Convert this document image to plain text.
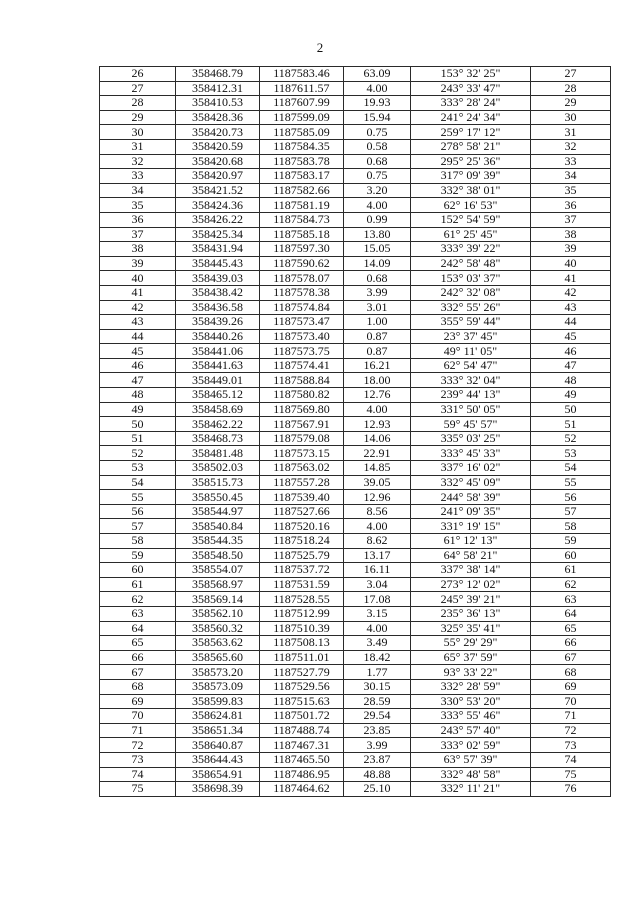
2
26	358468.79	1187583.46	63.09	153° 32' 25"	27
27	358412.31	1187611.57	4.00	243° 33' 47"	28
28	358410.53	1187607.99	19.93	333° 28' 24"	29
29	358428.36	1187599.09	15.94	241° 24' 34"	30
30	358420.73	1187585.09	0.75	259° 17' 12"	31
31	358420.59	1187584.35	0.58	278° 58' 21"	32
32	358420.68	1187583.78	0.68	295° 25' 36"	33
33	358420.97	1187583.17	0.75	317° 09' 39"	34
34	358421.52	1187582.66	3.20	332° 38' 01"	35
35	358424.36	1187581.19	4.00	62° 16' 53"	36
36	358426.22	1187584.73	0.99	152° 54' 59"	37
37	358425.34	1187585.18	13.80	61° 25' 45"	38
38	358431.94	1187597.30	15.05	333° 39' 22"	39
39	358445.43	1187590.62	14.09	242° 58' 48"	40
40	358439.03	1187578.07	0.68	153° 03' 37"	41
41	358438.42	1187578.38	3.99	242° 32' 08"	42
42	358436.58	1187574.84	3.01	332° 55' 26"	43
43	358439.26	1187573.47	1.00	355° 59' 44"	44
44	358440.26	1187573.40	0.87	23° 37' 45"	45
45	358441.06	1187573.75	0.87	49° 11' 05"	46
46	358441.63	1187574.41	16.21	62° 54' 47"	47
47	358449.01	1187588.84	18.00	333° 32' 04"	48
48	358465.12	1187580.82	12.76	239° 44' 13"	49
49	358458.69	1187569.80	4.00	331° 50' 05"	50
50	358462.22	1187567.91	12.93	59° 45' 57"	51
51	358468.73	1187579.08	14.06	335° 03' 25"	52
52	358481.48	1187573.15	22.91	333° 45' 33"	53
53	358502.03	1187563.02	14.85	337° 16' 02"	54
54	358515.73	1187557.28	39.05	332° 45' 09"	55
55	358550.45	1187539.40	12.96	244° 58' 39"	56
56	358544.97	1187527.66	8.56	241° 09' 35"	57
57	358540.84	1187520.16	4.00	331° 19' 15"	58
58	358544.35	1187518.24	8.62	61° 12' 13"	59
59	358548.50	1187525.79	13.17	64° 58' 21"	60
60	358554.07	1187537.72	16.11	337° 38' 14"	61
61	358568.97	1187531.59	3.04	273° 12' 02"	62
62	358569.14	1187528.55	17.08	245° 39' 21"	63
63	358562.10	1187512.99	3.15	235° 36' 13"	64
64	358560.32	1187510.39	4.00	325° 35' 41"	65
65	358563.62	1187508.13	3.49	55° 29' 29"	66
66	358565.60	1187511.01	18.42	65° 37' 59"	67
67	358573.20	1187527.79	1.77	93° 33' 22"	68
68	358573.09	1187529.56	30.15	332° 28' 59"	69
69	358599.83	1187515.63	28.59	330° 53' 20"	70
70	358624.81	1187501.72	29.54	333° 55' 46"	71
71	358651.34	1187488.74	23.85	243° 57' 40"	72
72	358640.87	1187467.31	3.99	333° 02' 59"	73
73	358644.43	1187465.50	23.87	63° 57' 39"	74
74	358654.91	1187486.95	48.88	332° 48' 58"	75
75	358698.39	1187464.62	25.10	332° 11' 21"	76
